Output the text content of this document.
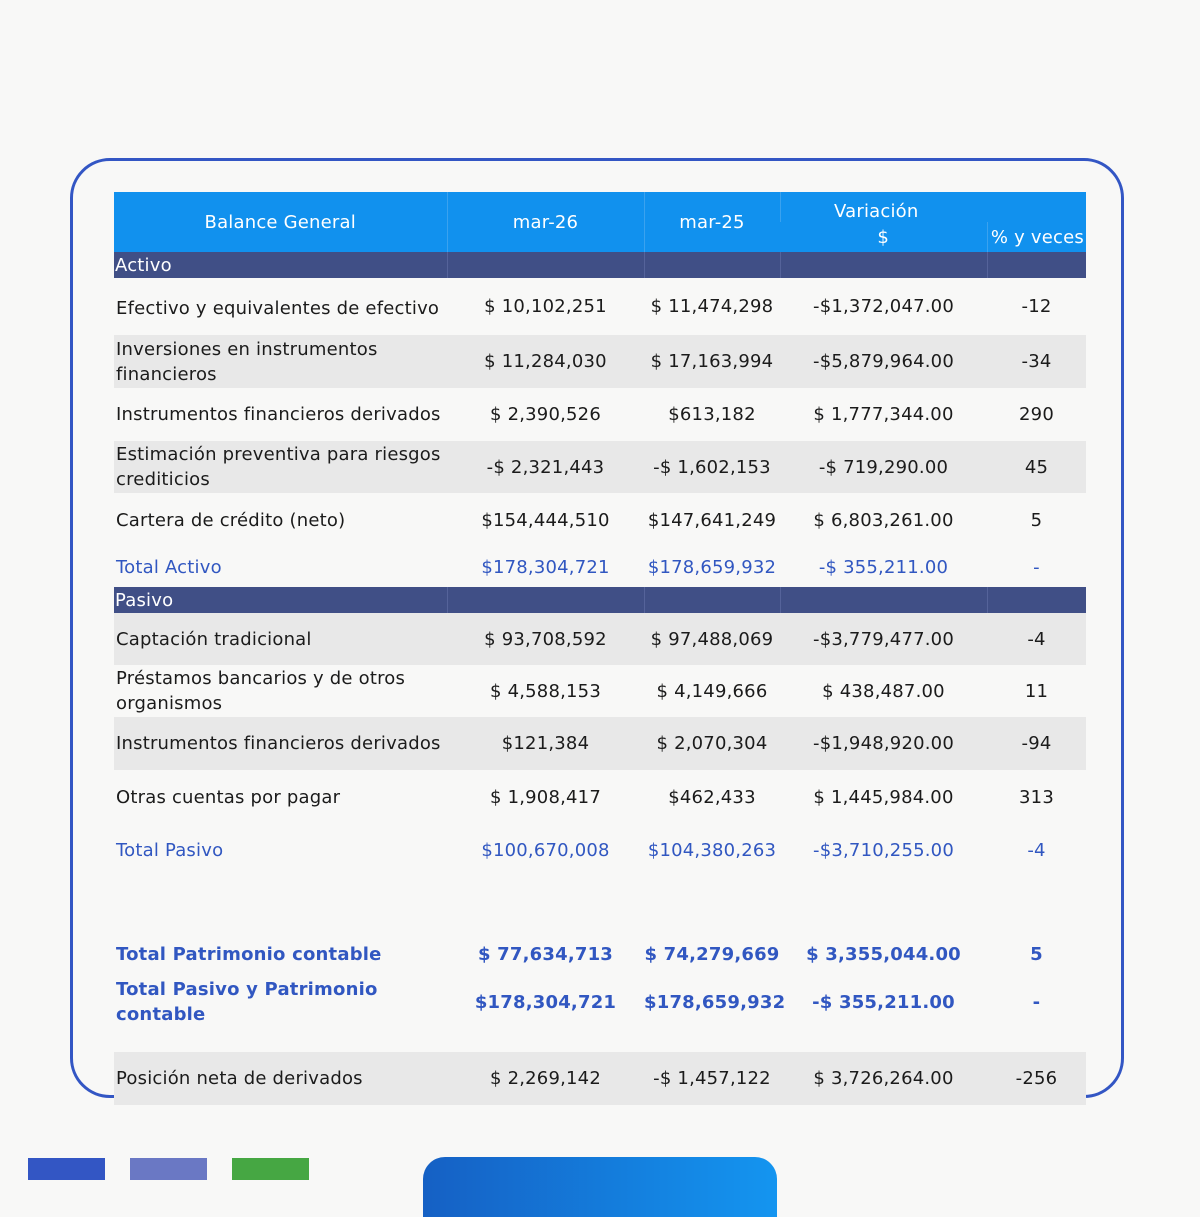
Balance General	mar-26	mar-25	Variación	
			$	% y veces
Activo				
Efectivo y equivalentes de efectivo	$ 10,102,251	$ 11,474,298	-$1,372,047.00	-12
Inversiones en instrumentos financieros	$ 11,284,030	$ 17,163,994	-$5,879,964.00	-34
Instrumentos financieros derivados	$ 2,390,526	$613,182	$ 1,777,344.00	290
Estimación preventiva para riesgos crediticios	-$ 2,321,443	-$ 1,602,153	-$ 719,290.00	45
Cartera de crédito (neto)	$154,444,510	$147,641,249	$ 6,803,261.00	5
Total Activo	$178,304,721	$178,659,932	-$ 355,211.00	-
Pasivo				
Captación tradicional	$ 93,708,592	$ 97,488,069	-$3,779,477.00	-4
Préstamos bancarios y de otros organismos	$ 4,588,153	$ 4,149,666	$ 438,487.00	11
Instrumentos financieros derivados	$121,384	$ 2,070,304	-$1,948,920.00	-94
Otras cuentas por pagar	$ 1,908,417	$462,433	$ 1,445,984.00	313
Total Pasivo	$100,670,008	$104,380,263	-$3,710,255.00	-4

Total Patrimonio contable	$ 77,634,713	$ 74,279,669	$ 3,355,044.00	5
Total Pasivo y Patrimonio contable	$178,304,721	$178,659,932	-$ 355,211.00	-

Posición neta de derivados	$ 2,269,142	-$ 1,457,122	$ 3,726,264.00	-256
